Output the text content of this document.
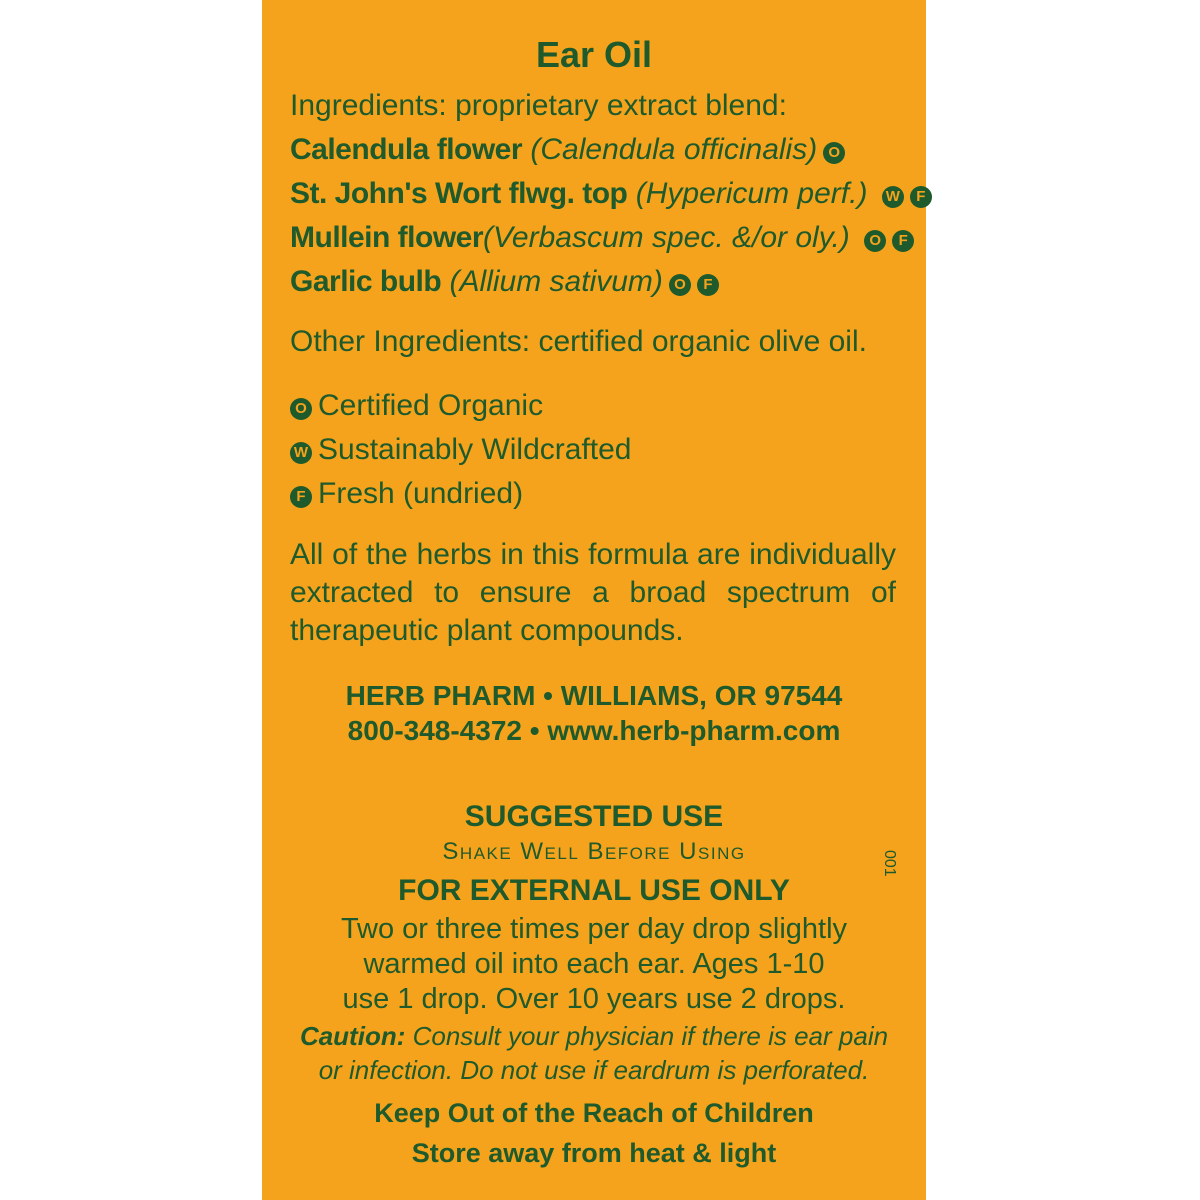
Ear Oil
Ingredients: proprietary extract blend:
Calendula flower (Calendula officinalis) O
St. John's Wort flwg. top (Hypericum perf.) W F
Mullein flower(Verbascum spec. &/or oly.) O F
Garlic bulb (Allium sativum) O F
Other Ingredients: certified organic olive oil.
O Certified Organic
W Sustainably Wildcrafted
F Fresh (undried)
All of the herbs in this formula are individually extracted to ensure a broad spectrum of therapeutic plant compounds.
HERB PHARM • WILLIAMS, OR 97544
800-348-4372 • www.herb-pharm.com
SUGGESTED USE
Shake Well Before Using
FOR EXTERNAL USE ONLY
Two or three times per day drop slightly
warmed oil into each ear. Ages 1-10
use 1 drop. Over 10 years use 2 drops.
Caution: Consult your physician if there is ear pain
or infection. Do not use if eardrum is perforated.
Keep Out of the Reach of Children
Store away from heat & light
001
